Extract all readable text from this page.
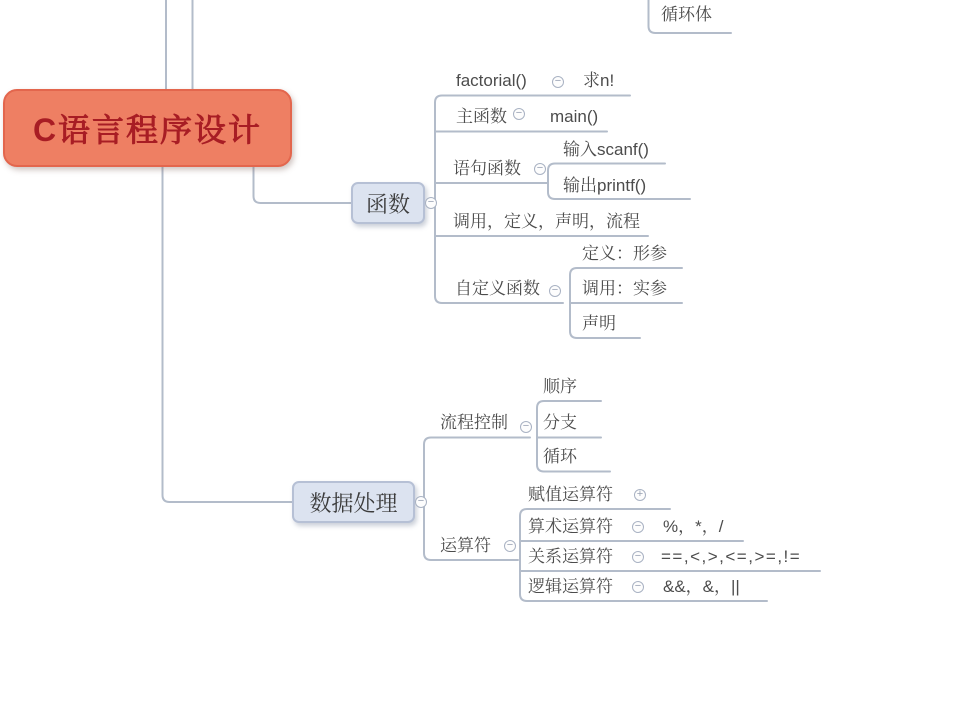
C语言程序设计
函数
数据处理
循环体
factorial()	求n!
主函数	main()
输入scanf()
语句函数
输出printf()
调用，定义，声明，流程
定义：形参
自定义函数 调用：实参
声明
顺序
流程控制 分支
循环
赋值运算符
算术运算符	%，*，/
运算符
关系运算符	==,<,>,<=,>=,!=
逻辑运算符	&&，&，||
−
−
−
−
−
−
−
−
+
−
−
−
